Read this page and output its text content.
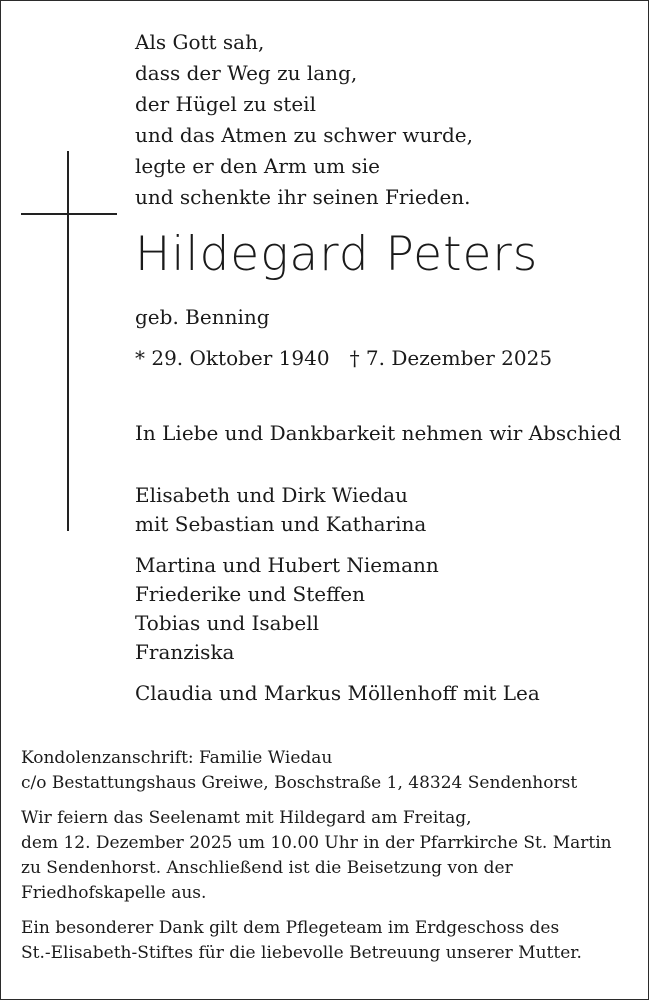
Als Gott sah,
dass der Weg zu lang,
der Hügel zu steil
und das Atmen zu schwer wurde,
legte er den Arm um sie
und schenkte ihr seinen Frieden.
Hildegard Peters

geb. Benning

* 29. Oktober 1940 † 7. Dezember 2025

In Liebe und Dankbarkeit nehmen wir Abschied

Elisabeth und Dirk Wiedau
mit Sebastian und Katharina
Martina und Hubert Niemann
Friederike und Steffen
Tobias und Isabell
Franziska
Claudia und Markus Möllenhoff mit Lea
Kondolenzanschrift: Familie Wiedau
c/o Bestattungshaus Greiwe, Boschstraße 1, 48324 Sendenhorst
Wir feiern das Seelenamt mit Hildegard am Freitag,
dem 12. Dezember 2025 um 10.00 Uhr in der Pfarrkirche St. Martin
zu Sendenhorst. Anschließend ist die Beisetzung von der
Friedhofskapelle aus.
Ein besonderer Dank gilt dem Pflegeteam im Erdgeschoss des
St.-Elisabeth-Stiftes für die liebevolle Betreuung unserer Mutter.
